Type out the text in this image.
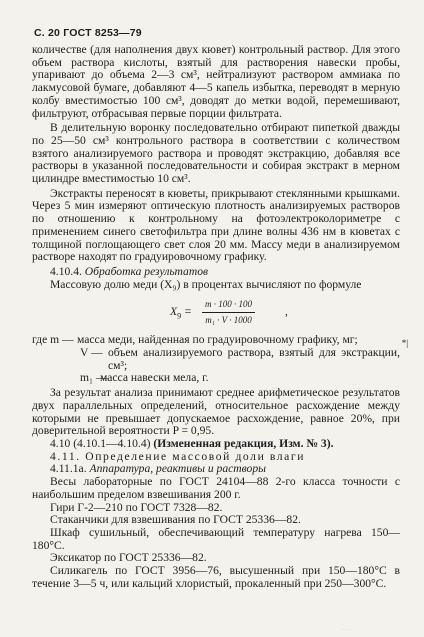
С. 20 ГОСТ 8253—79

количестве (для наполнения двух кювет) контрольный раствор. Для этого объем раствора кислоты, взятый для растворения навески пробы, упаривают до объема 2—3 см³, нейтрализуют раствором аммиака по лакмусовой бумаге, добавляют 4—5 капель избытка, переводят в мерную колбу вместимостью 100 см³, доводят до метки водой, перемешивают, фильтруют, отбрасывая первые порции фильтрата.

В делительную воронку последовательно отбирают пипеткой дважды по 25—50 см³ контрольного раствора в соответствии с количеством взятого анализируемого раствора и проводят экстракцию, добавляя все растворы в указанной последовательности и собирая экстракт в мерном цилиндре вместимостью 10 см³.

Экстракты переносят в кюветы, прикрывают стеклянными крышками. Через 5 мин измеряют оптическую плотность анализируемых растворов по отношению к контрольному на фотоэлектроколориметре с применением синего светофильтра при длине волны 436 нм в кюветах с толщиной поглощающего свет слоя 20 мм. Массу меди в анализируемом растворе находят по градуировочному графику.

4.10.4. Обработка результатов

Массовую долю меди (X₉) в процентах вычисляют по формуле

$X_9 = \frac{m \cdot 100 \cdot 100}{\text{m₁ · V · 1000}}$	,
где m — масса меди, найденная по градуировочному графику, мг;	*|
V — объем анализируемого раствора, взятый для экстракции, см³;
m₁ —
масса навески мела, г.

За результат анализа принимают среднее арифметическое результатов двух параллельных определений, относительное расхождение между которыми не превышает допускаемое расхождение, равное 20%, при доверительной вероятности P = 0,95.

4.10 (4.10.1—4.10.4) (Измененная редакция, Изм. № 3).

4.11. Определение массовой доли влаги

4.11.1a. Аппаратура, реактивы и растворы

Весы лабораторные по ГОСТ 24104—88 2-го класса точности с наибольшим пределом взвешивания 200 г.

Гири Г-2—210 по ГОСТ 7328—82.

Стаканчики для взвешивания по ГОСТ 25336—82.

Шкаф сушильный, обеспечивающий температуру нагрева 150—180°С.

Эксикатор по ГОСТ 25336—82.

Силикагель по ГОСТ 3956—76, высушенный при 150—180°С в течение 3—5 ч, или кальций хлористый, прокаленный при 250—300°С.

·········
